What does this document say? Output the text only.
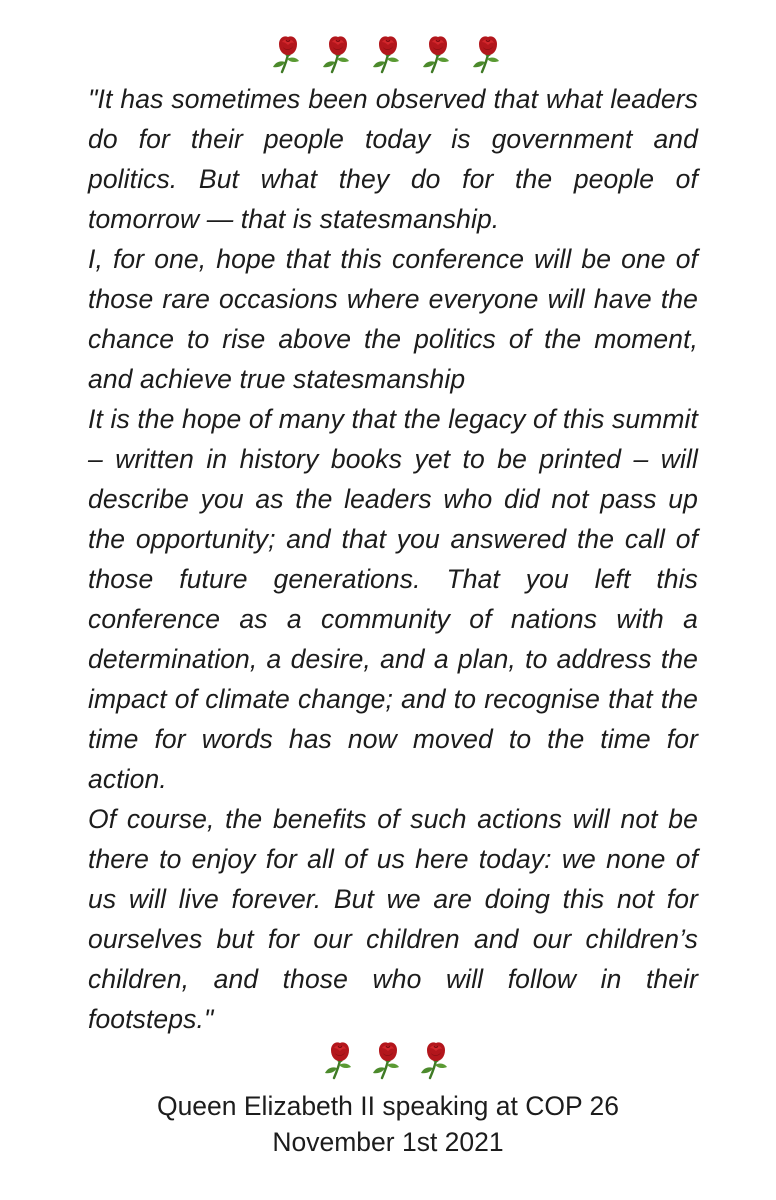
"It has sometimes been observed that what leaders do for their people today is government and politics. But what they do for the people of tomorrow — that is statesmanship.

I, for one, hope that this conference will be one of those rare occasions where everyone will have the chance to rise above the politics of the moment, and achieve true statesmanship

It is the hope of many that the legacy of this summit – written in history books yet to be printed – will describe you as the leaders who did not pass up the opportunity; and that you answered the call of those future generations. That you left this conference as a community of nations with a determination, a desire, and a plan, to address the impact of climate change; and to recognise that the time for words has now moved to the time for action.

Of course, the benefits of such actions will not be there to enjoy for all of us here today: we none of us will live forever. But we are doing this not for ourselves but for our children and our children’s children, and those who will follow in their footsteps."

Queen Elizabeth II speaking at COP 26
November 1st 2021
